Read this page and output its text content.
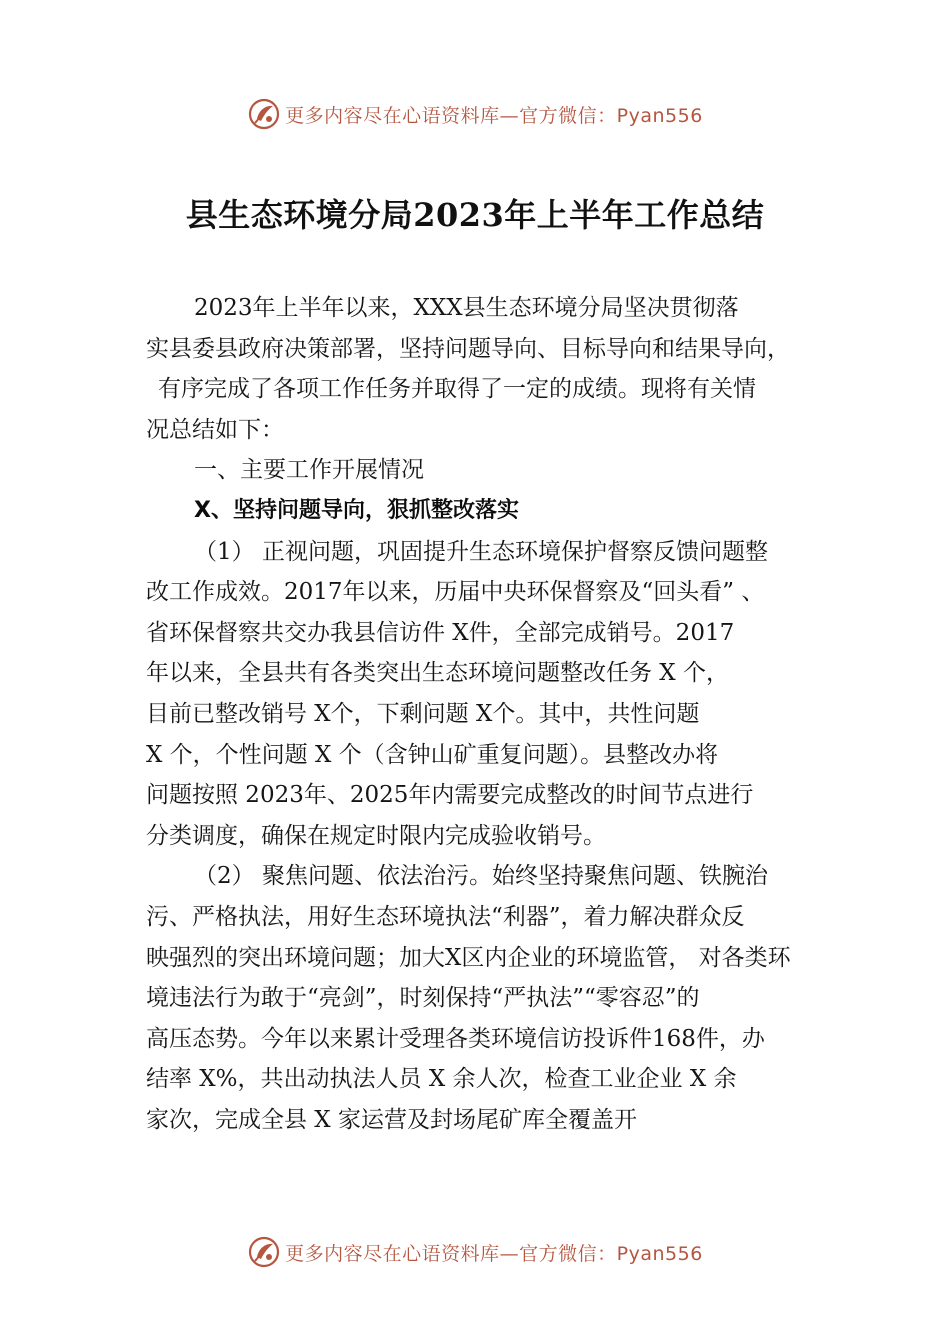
更多内容尽在心语资料库—官方微信：Pyan556
县生态环境分局2023年上半年工作总结
2023年上半年以来，XXX县生态环境分局坚决贯彻落
实县委县政府决策部署，坚持问题导向、目标导向和结果导向，
有序完成了各项工作任务并取得了一定的成绩。现将有关情
况总结如下：
一、主要工作开展情况
X、坚持问题导向，狠抓整改落实
（1） 正视问题，巩固提升生态环境保护督察反馈问题整
改工作成效。2017年以来，历届中央环保督察及“回头看” 、
省环保督察共交办我县信访件 X件，全部完成销号。2017
年以来，全县共有各类突出生态环境问题整改任务 X 个，
目前已整改销号 X个，下剩问题 X个。其中，共性问题
X 个，个性问题 X 个（含钟山矿重复问题）。县整改办将
问题按照 2023年、2025年内需要完成整改的时间节点进行
分类调度，确保在规定时限内完成验收销号。
（2） 聚焦问题、依法治污。始终坚持聚焦问题、铁腕治
污、严格执法，用好生态环境执法“利器”，着力解决群众反
映强烈的突出环境问题；加大X区内企业的环境监管， 对各类环
境违法行为敢于“亮剑”，时刻保持“严执法”“零容忍”的
高压态势。今年以来累计受理各类环境信访投诉件168件，办
结率 X%，共出动执法人员 X 余人次，检查工业企业 X 余
家次，完成全县 X 家运营及封场尾矿库全覆盖开
更多内容尽在心语资料库—官方微信：Pyan556
